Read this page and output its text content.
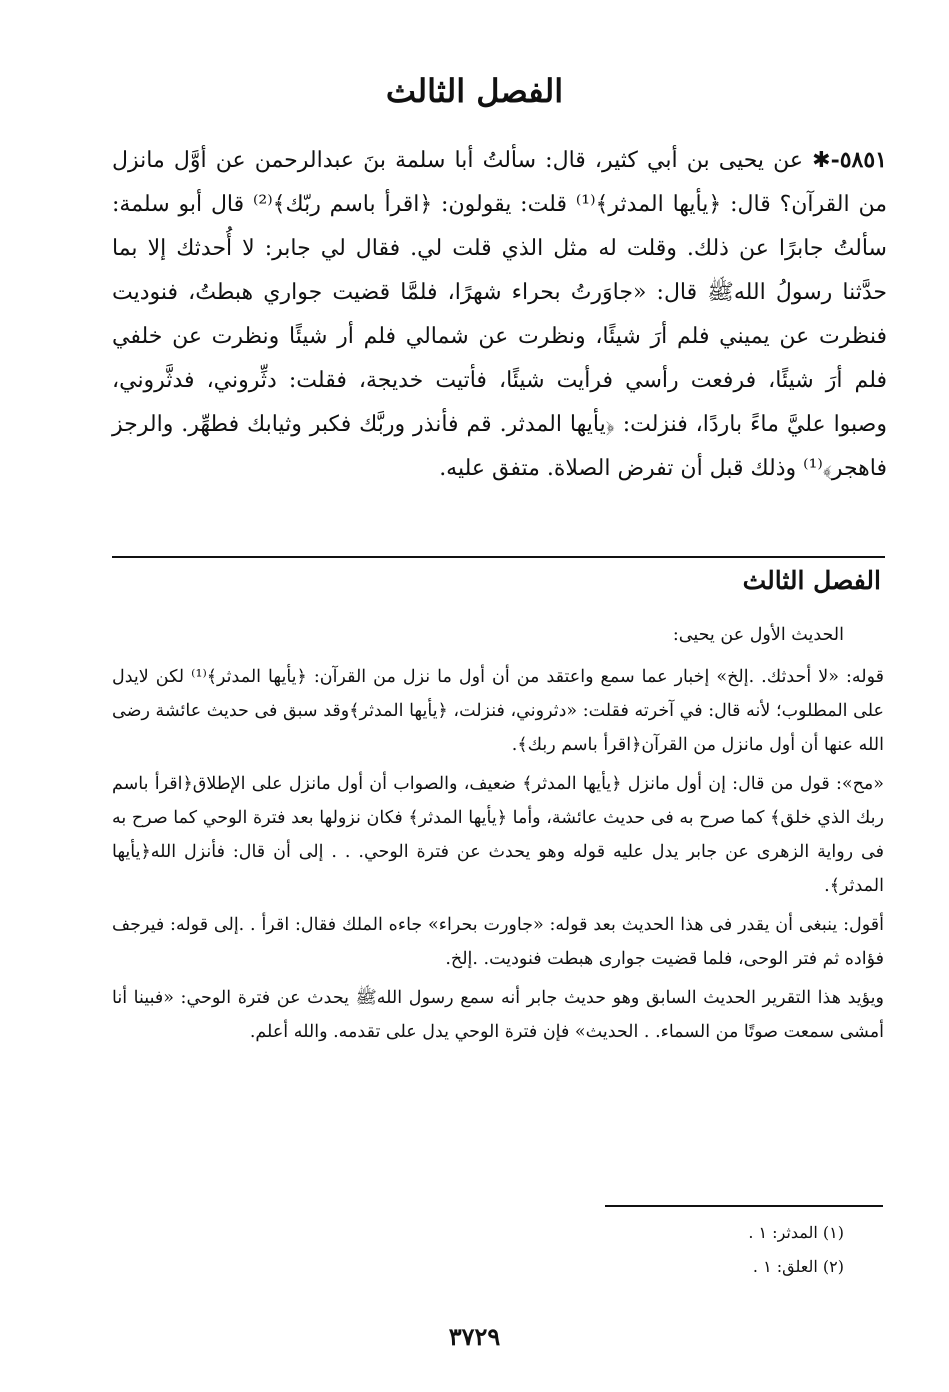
الفصل الثالث

٥٨٥١-✱ عن يحيى بن أبي كثير، قال: سألتُ أبا سلمة بنَ عبدالرحمن عن أوَّل مانزل من القرآن؟ قال: ﴿يأيها المدثر﴾⁽¹⁾ قلت: يقولون: ﴿اقرأ باسم ربّك﴾⁽²⁾ قال أبو سلمة: سألتُ جابرًا عن ذلك. وقلت له مثل الذي قلت لي. فقال لي جابر: لا أُحدثك إلا بما حدَّثنا رسولُ اللهﷺ قال: «جاوَرتُ بحراء شهرًا، فلمَّا قضيت جواري هبطتُ، فنوديت فنظرت عن يميني فلم أرَ شيئًا، ونظرت عن شمالي فلم أر شيئًا ونظرت عن خلفي فلم أرَ شيئًا، فرفعت رأسي فرأيت شيئًا، فأتيت خديجة، فقلت: دثِّروني، فدثَّروني، وصبوا عليَّ ماءً باردًا، فنزلت: ﴿يأيها المدثر. قم فأنذر وربَّك فكبر وثيابك فطهِّر. والرجز فاهجر﴾⁽¹⁾ وذلك قبل أن تفرض الصلاة. متفق عليه.

الفصل الثالث

الحديث الأول عن يحيى:

قوله: «لا أحدثك. .إلخ» إخبار عما سمع واعتقد من أن أول ما نزل من القرآن: ﴿يأيها المدثر﴾⁽¹⁾ لكن لايدل على المطلوب؛ لأنه قال: في آخرته فقلت: «دثروني، فنزلت، ﴿يأيها المدثر﴾وقد سبق فى حديث عائشة رضى الله عنها أن أول مانزل من القرآن﴿اقرأ باسم ربك﴾.

«مح»: قول من قال: إن أول مانزل ﴿يأيها المدثر﴾ ضعيف، والصواب أن أول مانزل على الإطلاق﴿اقرأ باسم ربك الذي خلق﴾ كما صرح به فى حديث عائشة، وأما ﴿يأيها المدثر﴾ فكان نزولها بعد فترة الوحي كما صرح به فى رواية الزهرى عن جابر يدل عليه قوله وهو يحدث عن فترة الوحي. . . إلى أن قال: فأنزل الله﴿يأيها المدثر﴾.

أقول: ينبغى أن يقدر فى هذا الحديث بعد قوله: «جاورت بحراء» جاءه الملك فقال: اقرأ . .إلى قوله: فيرجف فؤاده ثم فتر الوحى، فلما قضيت جوارى هبطت فنوديت. .إلخ.

ويؤيد هذا التقرير الحديث السابق وهو حديث جابر أنه سمع رسول اللهﷺ يحدث عن فترة الوحي: «فبينا أنا أمشى سمعت صوتًا من السماء. . الحديث» فإن فترة الوحي يدل على تقدمه. والله أعلم.

(١) المدثر: ١ .
(٢) العلق: ١ .
٣٧٢٩
